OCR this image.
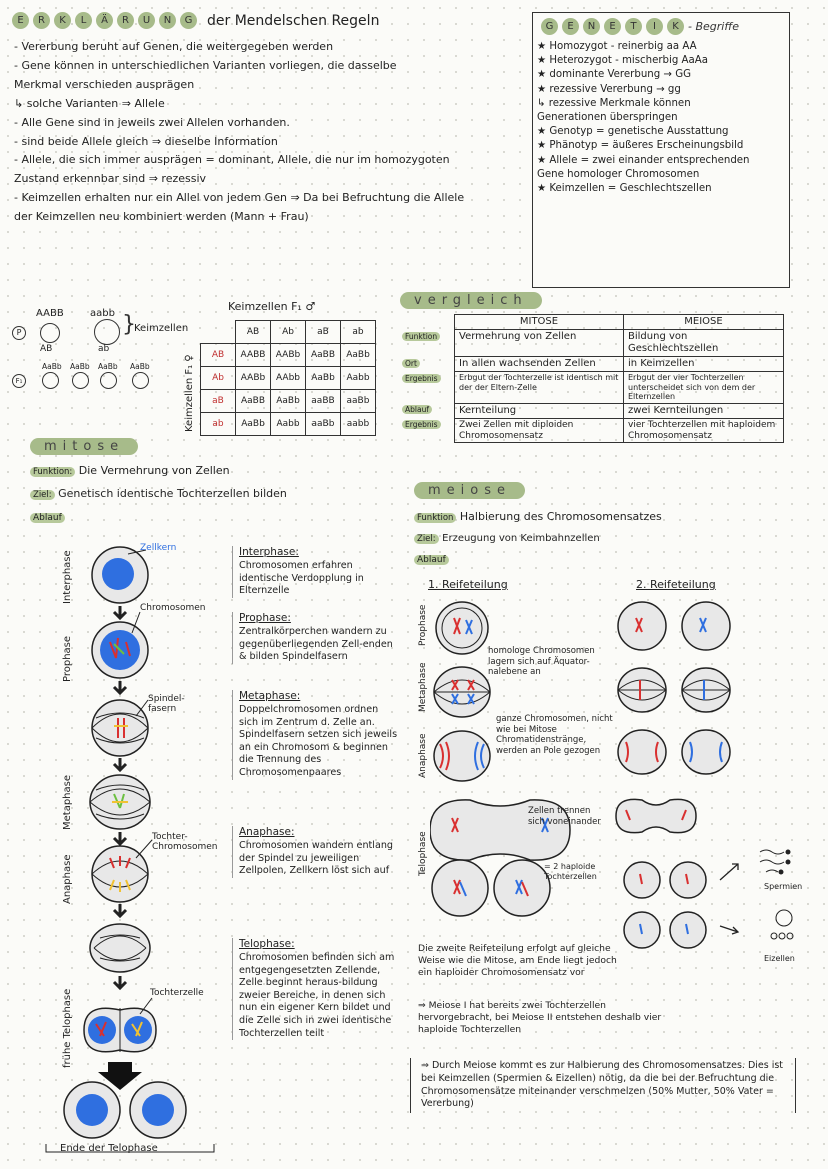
E	R	K	L	Ä	R	U	N	G	der Mendelschen Regeln
- Vererbung beruht auf Genen, die weitergegeben werden
- Gene können in unterschiedlichen Varianten vorliegen, die dasselbe
Merkmal verschieden ausprägen
↳ solche Varianten ⇒ Allele
- Alle Gene sind in jeweils zwei Allelen vorhanden.
- sind beide Allele gleich ⇒ dieselbe Information
- Allele, die sich immer ausprägen = dominant, Allele, die nur im homozygoten
Zustand erkennbar sind ⇒ rezessiv
- Keimzellen erhalten nur ein Allel von jedem Gen ⇒ Da bei Befruchtung die Allele
der Keimzellen neu kombiniert werden (Mann + Frau)
G	E	N	E	T	I	K - Begriffe

★ Homozygot - reinerbig aa AA

★ Heterozygot - mischerbig AaAa

★ dominante Vererbung → GG

★ rezessive Vererbung → gg

↳ rezessive Merkmale können

Generationen überspringen

★ Genotyp = genetische Ausstattung

★ Phänotyp = äußeres Erscheinungsbild

★ Allele = zwei einander entsprechenden

Gene homologer Chromosomen

★ Keimzellen = Geschlechtszellen

AABB	aabb
P	}
Keimzellen
AB	ab
AaBb AaBb AaBb AaBb
F₁
Keimzellen F₁ ♂
Keimzellen F₁ ♀
	AB	Ab	aB	ab
AB	AABB	AABb	AaBB	AaBb
Ab	AABb	AAbb	AaBb	Aabb
aB	AaBB	AaBb	aaBB	aaBb
ab	AaBb	Aabb	aaBb	aabb
vergleich
	MITOSE	MEIOSE
Funktion	Vermehrung von Zellen	Bildung von Geschlechtszellen
Ort	In allen wachsenden Zellen	in Keimzellen
Ergebnis	Erbgut der Tochterzelle ist identisch mit der der Eltern-Zelle	Erbgut der vier Tochterzellen unterscheidet sich von dem der Elternzellen
Ablauf	Kernteilung	zwei Kernteilungen
Ergebnis	Zwei Zellen mit diploiden Chromosomensatz	vier Tochterzellen mit haploidem Chromosomensatz
mitose
Funktion: Die Vermehrung von Zellen
Ziel: Genetisch identische Tochterzellen bilden
Ablauf
Zellkern
Chromosomen
Spindel-fasern
Tochter-Chromosomen
Tochterzelle
Interphase
Prophase
Metaphase
Anaphase
frühe Telophase
Ende der Telophase
Interphase:
Chromosomen erfahren identische Verdopplung in Elternzelle
Prophase:
Zentralkörperchen wandern zu gegenüberliegenden Zell-enden & bilden Spindelfasern
Metaphase:
Doppelchromosomen ordnen sich im Zentrum d. Zelle an. Spindelfasern setzen sich jeweils an ein Chromosom & beginnen die Trennung des Chromosomenpaares
Anaphase:
Chromosomen wandern entlang der Spindel zu jeweiligen Zellpolen, Zellkern löst sich auf
Telophase:
Chromosomen befinden sich am entgegengesetzten Zellende, Zelle beginnt heraus-bildung zweier Bereiche, in denen sich nun ein eigener Kern bildet und die Zelle sich in zwei identische Tochterzellen teilt
meiose
Funktion Halbierung des Chromosomensatzes
Ziel: Erzeugung von Keimbahnzellen
Ablauf
1. Reifeteilung	2. Reifeteilung
Prophase
Metaphase
Anaphase
Telophase
homologe Chromosomen lagern sich auf Äquator-nalebene an
ganze Chromosomen, nicht wie bei Mitose Chromatidenstränge, werden an Pole gezogen
Zellen trennen sich voneinander
= 2 haploide Tochterzellen
Spermien
Eizellen
Die zweite Reifeteilung erfolgt auf gleiche Weise wie die Mitose, am Ende liegt jedoch ein haploider Chromosomensatz vor
⇒ Meiose I hat bereits zwei Tochterzellen hervorgebracht, bei Meiose II entstehen deshalb vier haploide Tochterzellen
⇒ Durch Meiose kommt es zur Halbierung des Chromosomensatzes. Dies ist bei Keimzellen (Spermien & Eizellen) nötig, da die bei der Befruchtung die Chromosomensätze miteinander verschmelzen (50% Mutter, 50% Vater = Vererbung)
